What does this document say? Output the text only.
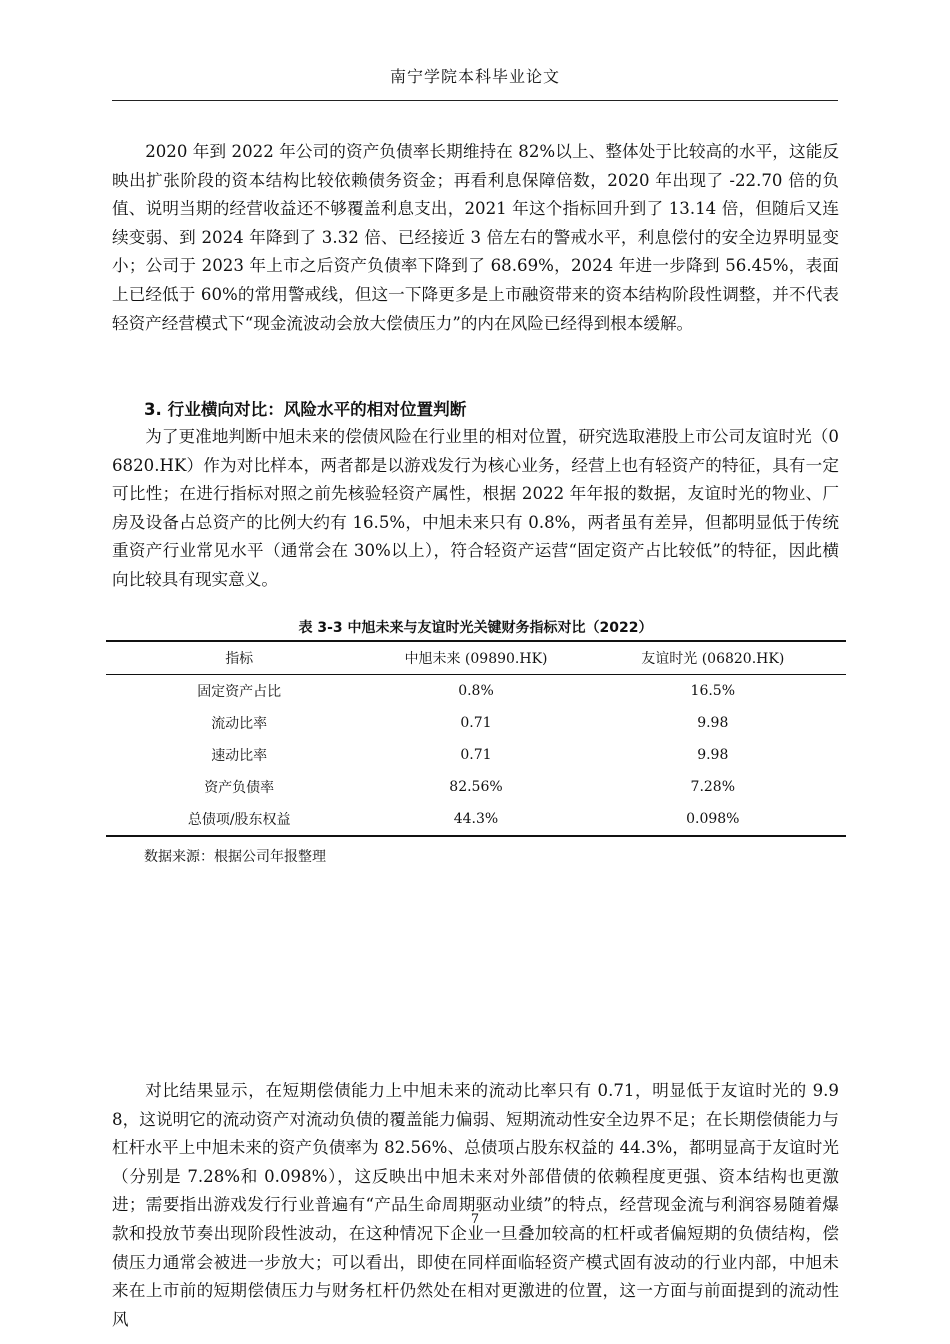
南宁学院本科毕业论文

2020 年到 2022 年公司的资产负债率长期维持在 82%以上、整体处于比较高的水平，这能反映出扩张阶段的资本结构比较依赖债务资金；再看利息保障倍数，2020 年出现了 -22.70 倍的负值、说明当期的经营收益还不够覆盖利息支出，2021 年这个指标回升到了 13.14 倍，但随后又连续变弱、到 2024 年降到了 3.32 倍、已经接近 3 倍左右的警戒水平，利息偿付的安全边界明显变小；公司于 2023 年上市之后资产负债率下降到了 68.69%，2024 年进一步降到 56.45%，表面上已经低于 60%的常用警戒线，但这一下降更多是上市融资带来的资本结构阶段性调整，并不代表轻资产经营模式下“现金流波动会放大偿债压力”的内在风险已经得到根本缓解。

3. 行业横向对比：风险水平的相对位置判断

为了更准地判断中旭未来的偿债风险在行业里的相对位置，研究选取港股上市公司友谊时光（06820.HK）作为对比样本，两者都是以游戏发行为核心业务，经营上也有轻资产的特征，具有一定可比性；在进行指标对照之前先核验轻资产属性，根据 2022 年年报的数据，友谊时光的物业、厂房及设备占总资产的比例大约有 16.5%，中旭未来只有 0.8%，两者虽有差异，但都明显低于传统重资产行业常见水平（通常会在 30%以上），符合轻资产运营“固定资产占比较低”的特征，因此横向比较具有现实意义。

表 3-3 中旭未来与友谊时光关键财务指标对比（2022）
指标	中旭未来 (09890.HK)	友谊时光 (06820.HK)
固定资产占比	0.8%	16.5%
流动比率	0.71	9.98
速动比率	0.71	9.98
资产负债率	82.56%	7.28%
总债项/股东权益	44.3%	0.098%
数据来源：根据公司年报整理

对比结果显示，在短期偿债能力上中旭未来的流动比率只有 0.71，明显低于友谊时光的 9.98，这说明它的流动资产对流动负债的覆盖能力偏弱、短期流动性安全边界不足；在长期偿债能力与杠杆水平上中旭未来的资产负债率为 82.56%、总债项占股东权益的 44.3%，都明显高于友谊时光（分别是 7.28%和 0.098%），这反映出中旭未来对外部借债的依赖程度更强、资本结构也更激进；需要指出游戏发行行业普遍有“产品生命周期驱动业绩”的特点，经营现金流与利润容易随着爆款和投放节奏出现阶段性波动，在这种情况下企业一旦叠加较高的杠杆或者偏短期的负债结构，偿债压力通常会被进一步放大；可以看出，即使在同样面临轻资产模式固有波动的行业内部，中旭未来在上市前的短期偿债压力与财务杠杆仍然处在相对更激进的位置，这一方面与前面提到的流动性风

7
